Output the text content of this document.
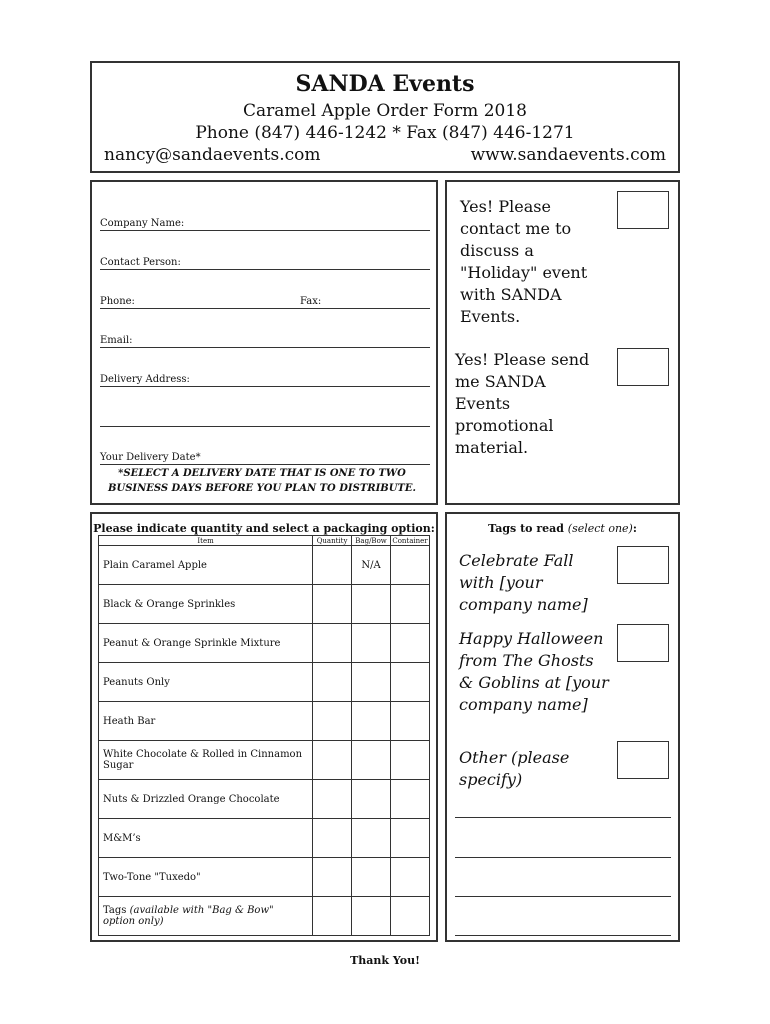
SANDA Events
Caramel Apple Order Form 2018
Phone (847) 446-1242 * Fax (847) 446-1271
nancy@sandaevents.com	www.sandaevents.com
Company Name:
Contact Person:
Phone:	Fax:
Email:
Delivery Address:
Your Delivery Date*
*SELECT A DELIVERY DATE THAT IS ONE TO TWO BUSINESS DAYS BEFORE YOU PLAN TO DISTRIBUTE.
Yes! Please contact me to discuss a "Holiday" event with SANDA Events.
Yes! Please send me SANDA Events promotional material.
Please indicate quantity and select a packaging option:
Item	Quantity	Bag/Bow	Container
Plain Caramel Apple		N/A	
Black & Orange Sprinkles			
Peanut & Orange Sprinkle Mixture			
Peanuts Only			
Heath Bar			
White Chocolate & Rolled in Cinnamon Sugar			
Nuts & Drizzled Orange Chocolate			
M&M’s			
Two-Tone "Tuxedo"			
Tags (available with "Bag & Bow" option only)			
Tags to read (select one):
Celebrate Fall with [your company name]
Happy Halloween from The Ghosts & Goblins at [your company name]
Other (please specify)
Thank You!
